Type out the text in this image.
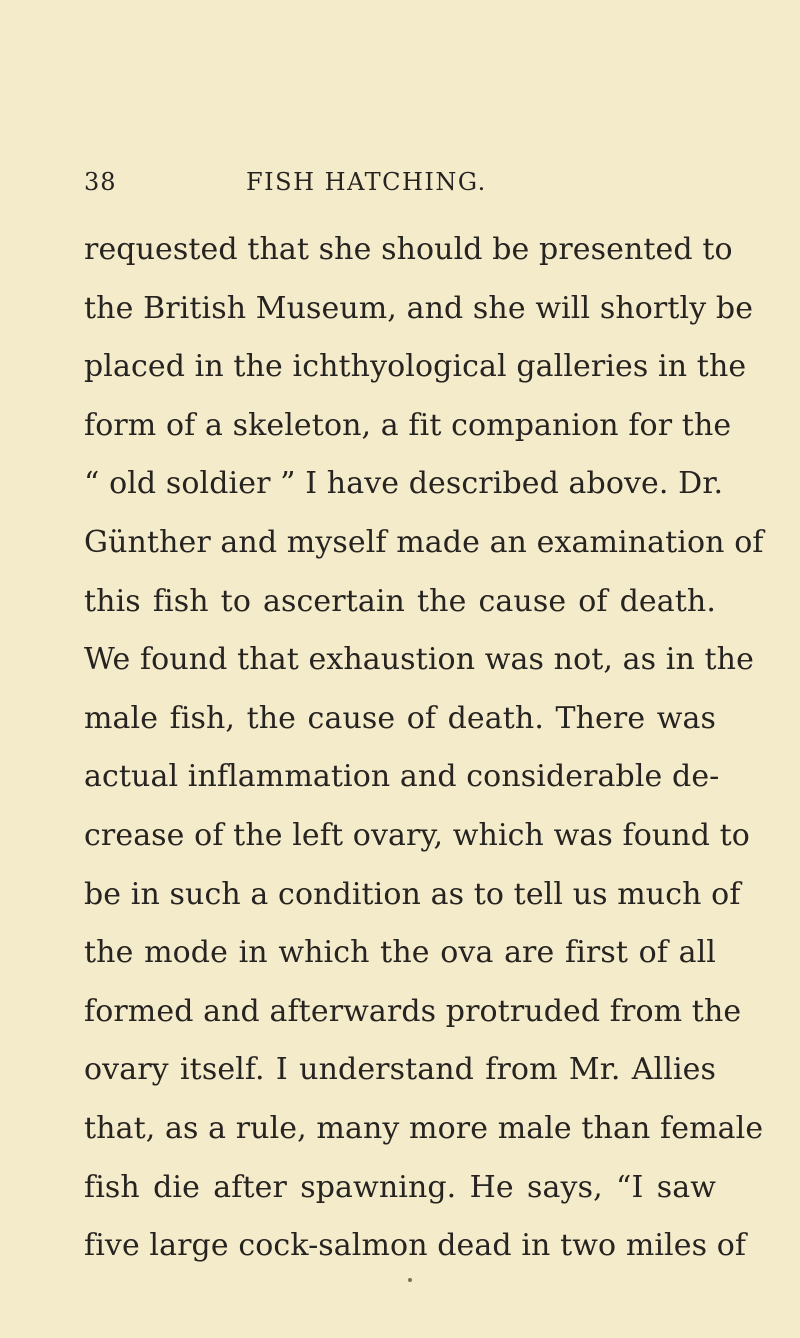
38	FISH HATCHING.
requested that she should be presented to
the British Museum, and she will shortly be
placed in the ichthyological galleries in the
form of a skeleton, a fit companion for the
“ old soldier ” I have described above. Dr.
Günther and myself made an examination of
this fish to ascertain the cause of death.
We found that exhaustion was not, as in the
male fish, the cause of death. There was
actual inflammation and considerable de-
crease of the left ovary, which was found to
be in such a condition as to tell us much of
the mode in which the ova are first of all
formed and afterwards protruded from the
ovary itself. I understand from Mr. Allies
that, as a rule, many more male than female
fish die after spawning. He says, “I saw
five large cock-salmon dead in two miles of
